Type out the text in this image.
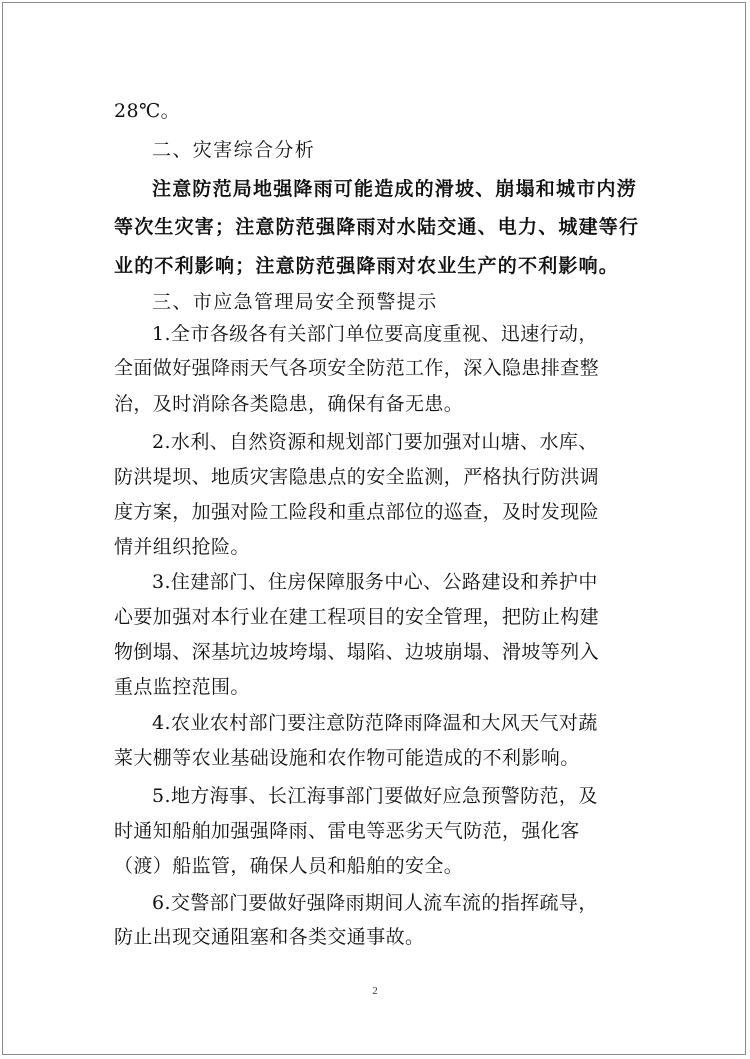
28℃。
二、灾害综合分析
注意防范局地强降雨可能造成的滑坡、崩塌和城市内涝
等次生灾害；注意防范强降雨对水陆交通、电力、城建等行
业的不利影响；注意防范强降雨对农业生产的不利影响。
三、市应急管理局安全预警提示
1.全市各级各有关部门单位要高度重视、迅速行动，
全面做好强降雨天气各项安全防范工作，深入隐患排查整
治，及时消除各类隐患，确保有备无患。
2.水利、自然资源和规划部门要加强对山塘、水库、
防洪堤坝、地质灾害隐患点的安全监测，严格执行防洪调
度方案，加强对险工险段和重点部位的巡查，及时发现险
情并组织抢险。
3.住建部门、住房保障服务中心、公路建设和养护中
心要加强对本行业在建工程项目的安全管理，把防止构建
物倒塌、深基坑边坡垮塌、塌陷、边坡崩塌、滑坡等列入
重点监控范围。
4.农业农村部门要注意防范降雨降温和大风天气对蔬
菜大棚等农业基础设施和农作物可能造成的不利影响。
5.地方海事、长江海事部门要做好应急预警防范，及
时通知船舶加强强降雨、雷电等恶劣天气防范，强化客
（渡）船监管，确保人员和船舶的安全。
6.交警部门要做好强降雨期间人流车流的指挥疏导，
防止出现交通阻塞和各类交通事故。
2
